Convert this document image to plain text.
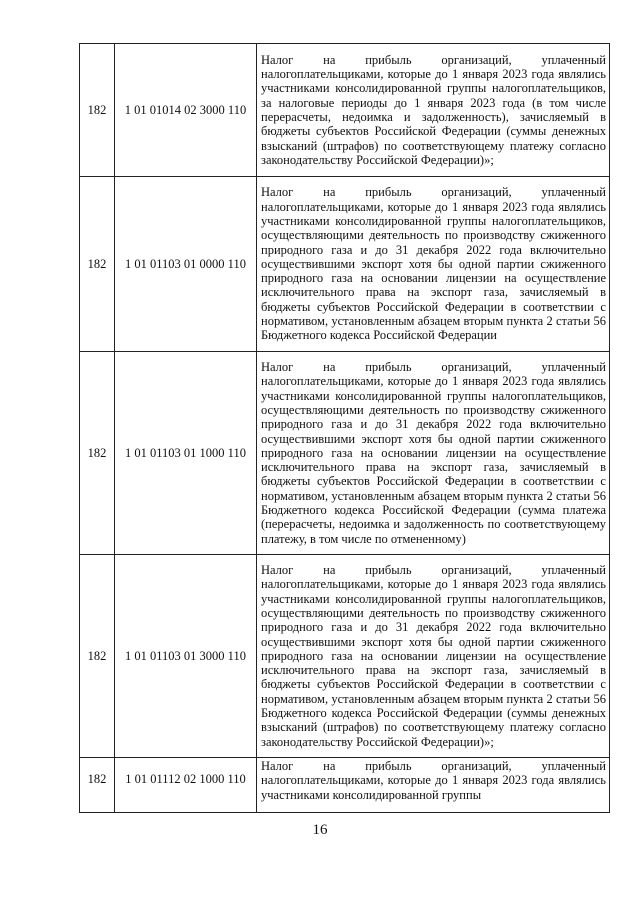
182	1 01 01014 02 3000 110	Налог на прибыль организаций, уплаченный налогоплательщиками, которые до 1 января 2023 года являлись участниками консолидированной группы налогоплательщиков, за налоговые периоды до 1 января 2023 года (в том числе перерасчеты, недоимка и задолженность), зачисляемый в бюджеты субъектов Российской Федерации (суммы денежных взысканий (штрафов) по соответствующему платежу согласно законодательству Российской Федерации)»;

182	1 01 01103 01 0000 110	Налог на прибыль организаций, уплаченный налогоплательщиками, которые до 1 января 2023 года являлись участниками консолидированной группы налогоплательщиков, осуществляющими деятельность по производству сжиженного природного газа и до 31 декабря 2022 года включительно осуществившими экспорт хотя бы одной партии сжиженного природного газа на основании лицензии на осуществление исключительного права на экспорт газа, зачисляемый в бюджеты субъектов Российской Федерации в соответствии с нормативом, установленным абзацем вторым пункта 2 статьи 56 Бюджетного кодекса Российской Федерации

182	1 01 01103 01 1000 110	Налог на прибыль организаций, уплаченный налогоплательщиками, которые до 1 января 2023 года являлись участниками консолидированной группы налогоплательщиков, осуществляющими деятельность по производству сжиженного природного газа и до 31 декабря 2022 года включительно осуществившими экспорт хотя бы одной партии сжиженного природного газа на основании лицензии на осуществление исключительного права на экспорт газа, зачисляемый в бюджеты субъектов Российской Федерации в соответствии с нормативом, установленным абзацем вторым пункта 2 статьи 56 Бюджетного кодекса Российской Федерации (сумма платежа (перерасчеты, недоимка и задолженность по соответствующему платежу, в том числе по отмененному)

182	1 01 01103 01 3000 110	Налог на прибыль организаций, уплаченный налогоплательщиками, которые до 1 января 2023 года являлись участниками консолидированной группы налогоплательщиков, осуществляющими деятельность по производству сжиженного природного газа и до 31 декабря 2022 года включительно осуществившими экспорт хотя бы одной партии сжиженного природного газа на основании лицензии на осуществление исключительного права на экспорт газа, зачисляемый в бюджеты субъектов Российской Федерации в соответствии с нормативом, установленным абзацем вторым пункта 2 статьи 56 Бюджетного кодекса Российской Федерации (суммы денежных взысканий (штрафов) по соответствующему платежу согласно законодательству Российской Федерации)»;

182	1 01 01112 02 1000 110	Налог на прибыль организаций, уплаченный налогоплательщиками, которые до 1 января 2023 года являлись участниками консолидированной группы
16
